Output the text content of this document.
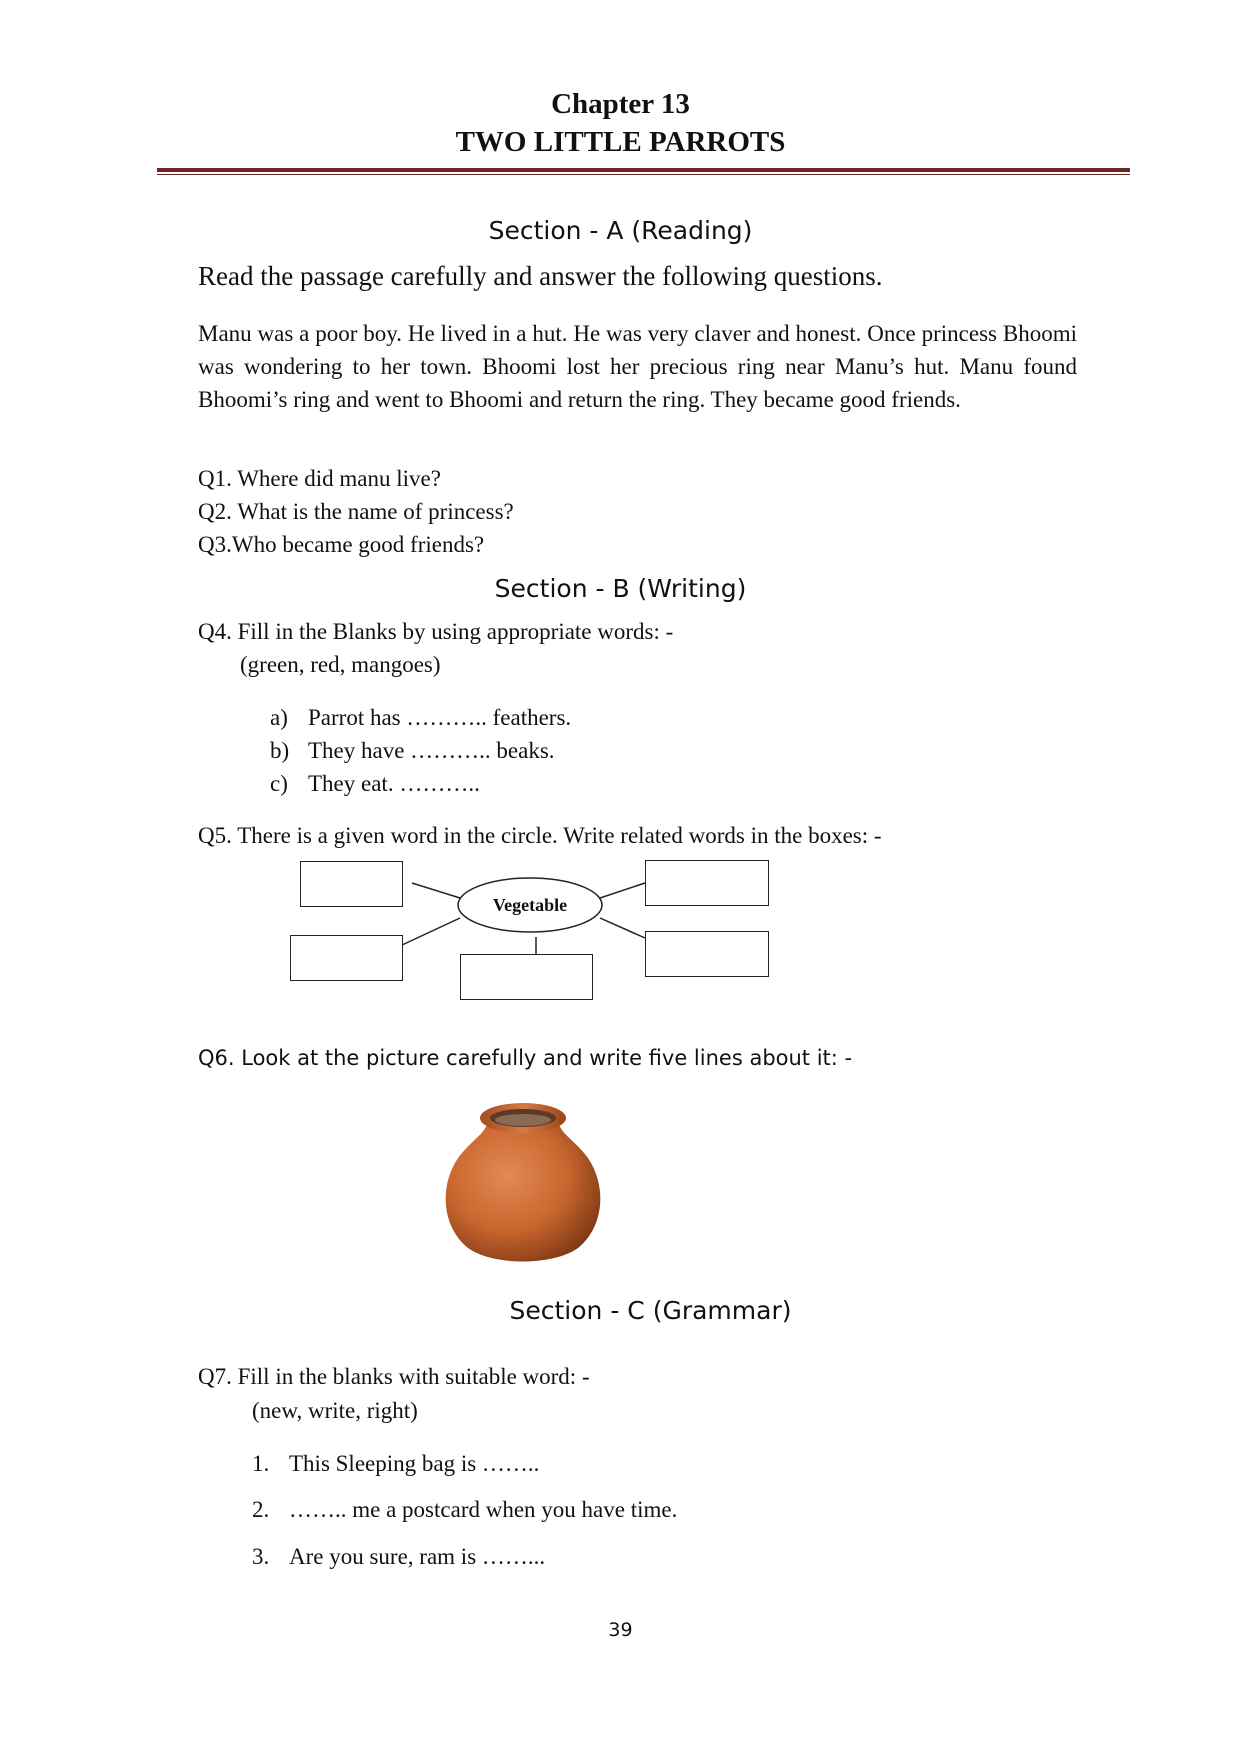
Chapter 13
TWO LITTLE PARROTS
Section - A (Reading)
Read the passage carefully and answer the following questions.
Manu was a poor boy. He lived in a hut. He was very claver and honest. Once princess Bhoomi was wondering to her town. Bhoomi lost her precious ring near Manu’s hut. Manu found Bhoomi’s ring and went to Bhoomi and return the ring. They became good friends.
Q1. Where did manu live?
Q2. What is the name of princess?
Q3.Who became good friends?
Section - B (Writing)
Q4. Fill in the Blanks by using appropriate words: -
(green, red, mangoes)
a) Parrot has ……….. feathers.
b) They have ……….. beaks.
c) They eat. ………..
Q5. There is a given word in the circle. Write related words in the boxes: -
Vegetable
Q6. Look at the picture carefully and write five lines about it: -
Section - C (Grammar)
Q7. Fill in the blanks with suitable word: -
(new, write, right)
1. This Sleeping bag is ……..
2. …….. me a postcard when you have time.
3. Are you sure, ram is ……...
39
